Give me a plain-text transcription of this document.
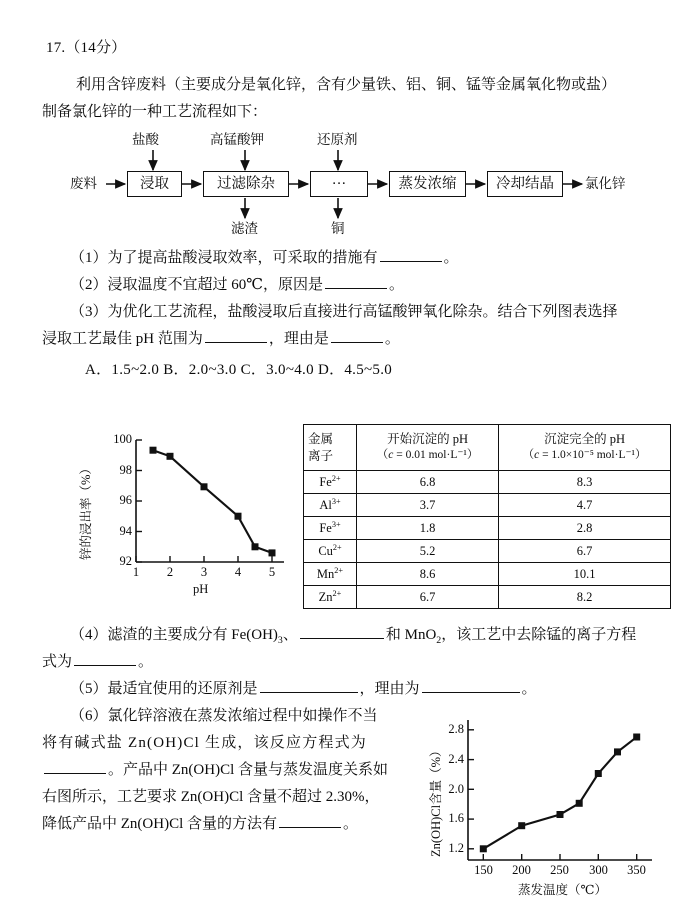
17.（14分）
利用含锌废料（主要成分是氧化锌，含有少量铁、铝、铜、锰等金属氧化物或盐）
制备氯化锌的一种工艺流程如下：
废料	浸取	过滤除杂	···	蒸发浓缩	冷却结晶	氯化锌
盐酸	高锰酸钾	还原剂
滤渣	铜
（1）为了提高盐酸浸取效率，可采取的措施有	。
（2）浸取温度不宜超过 60℃，原因是	。
（3）为优化工艺流程，盐酸浸取后直接进行高锰酸钾氧化除杂。结合下列图表选择
浸取工艺最佳 pH 范围为	，理由是	。
A．1.5~2.0 B．2.0~3.0 C．3.0~4.0 D．4.5~5.0
100
98
96
94
92
1	2	3	4	5
pH
锌的浸出率（%）
金属
离子

开始沉淀的 pH
（c = 0.01 mol·L⁻¹）

沉淀完全的 pH
（c = 1.0×10⁻⁵ mol·L⁻¹）

$Fe^{2+}$	6.8	8.3
$Al^{3+}$	3.7	4.7
$Fe^{3+}$	1.8	2.8
$Cu^{2+}$	5.2	6.7
$Mn^{2+}$	8.6	10.1
$Zn^{2+}$	6.7	8.2
（4）滤渣的主要成分有 $Fe(OH)_3$、	和 MnO$_2$，该工艺中去除锰的离子方程
式为	。
（5）最适宜使用的还原剂是	，理由为	。
（6）氯化锌溶液在蒸发浓缩过程中如操作不当
将有碱式盐 Zn(OH)Cl 生成，该反应方程式为
。产品中 Zn(OH)Cl 含量与蒸发温度关系如
右图所示，工艺要求 Zn(OH)Cl 含量不超过 2.30%，
降低产品中 Zn(OH)Cl 含量的方法有	。
2.8
2.4
2.0
1.6
1.2
150	200	250	300	350
蒸发温度（℃）
Zn(OH)Cl含量（%）
